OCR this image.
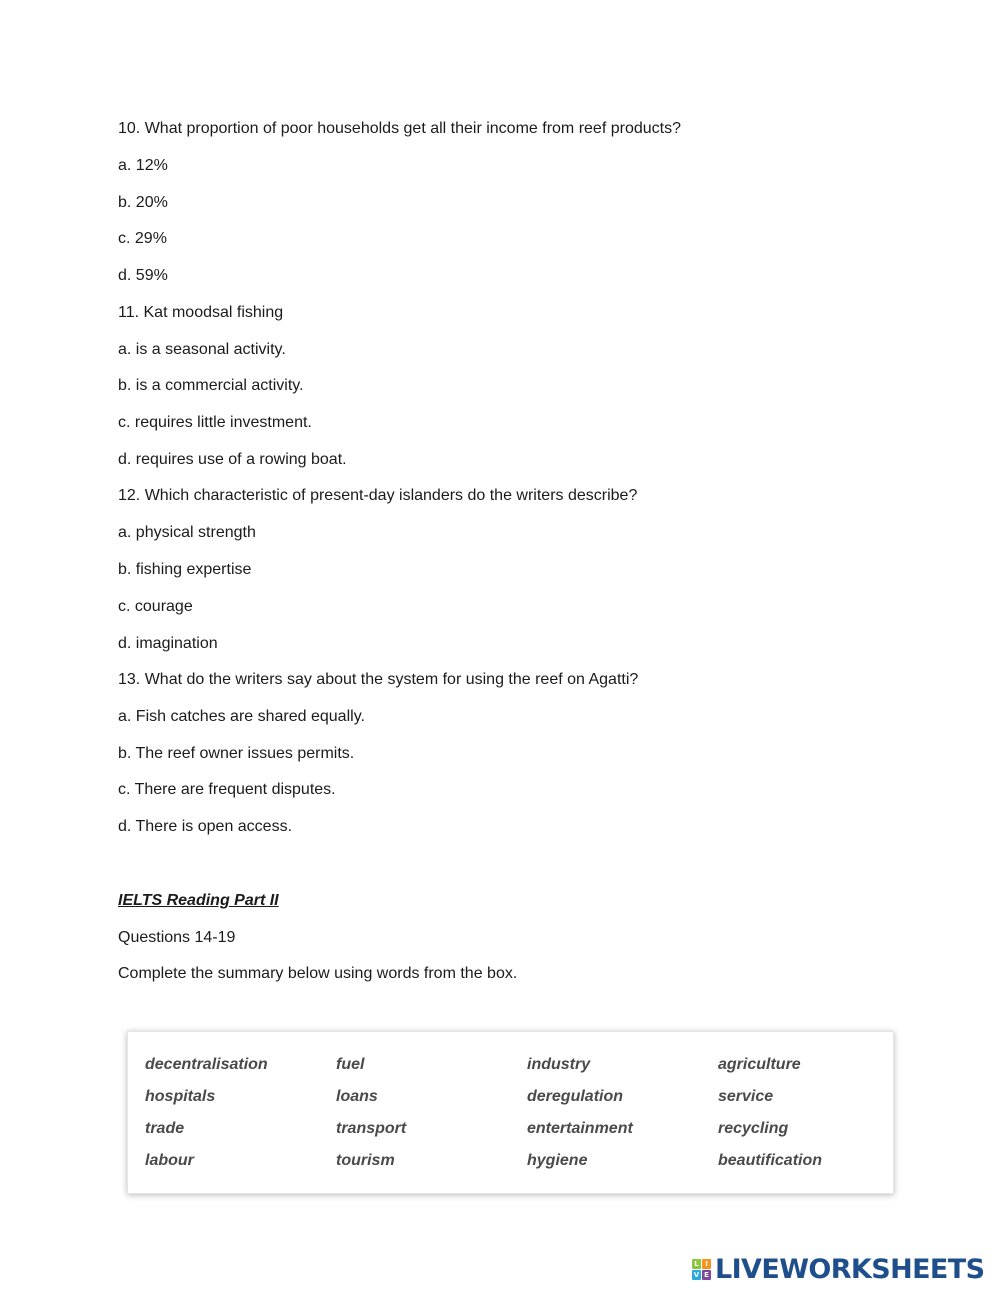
10. What proportion of poor households get all their income from reef products?
a. 12%
b. 20%
c. 29%
d. 59%
11. Kat moodsal fishing
a. is a seasonal activity.
b. is a commercial activity.
c. requires little investment.
d. requires use of a rowing boat.
12. Which characteristic of present-day islanders do the writers describe?
a. physical strength
b. fishing expertise
c. courage
d. imagination
13. What do the writers say about the system for using the reef on Agatti?
a. Fish catches are shared equally.
b. The reef owner issues permits.
c. There are frequent disputes.
d. There is open access.
IELTS Reading Part II
Questions 14-19
Complete the summary below using words from the box.
decentralisation	fuel	industry	agriculture
hospitals	loans	deregulation	service
trade	transport	entertainment	recycling
labour	tourism	hygiene	beautification
L I
V E LIVEWORKSHEETS
